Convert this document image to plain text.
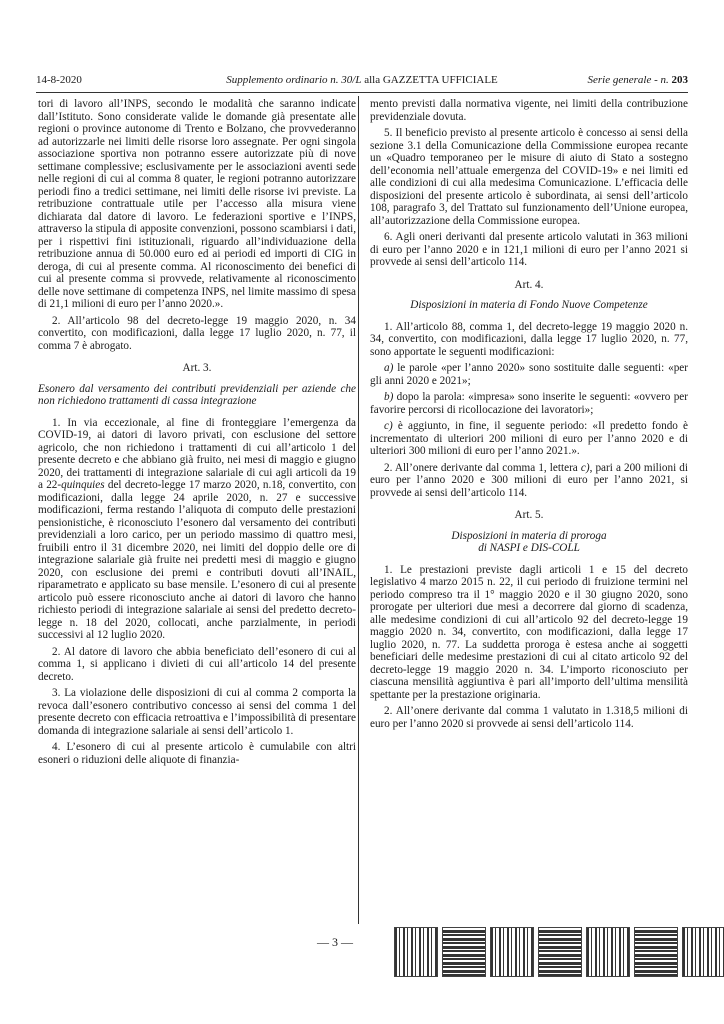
14-8-2020	Supplemento ordinario n. 30/L alla GAZZETTA UFFICIALE	Serie generale - n. 203

tori di lavoro all’INPS, secondo le modalità che saranno indicate dall’Istituto. Sono considerate valide le domande già presentate alle regioni o province autonome di Trento e Bolzano, che provvederanno ad autorizzarle nei limiti delle risorse loro assegnate. Per ogni singola associazione sportiva non potranno essere autorizzate più di nove settimane complessive; esclusivamente per le associazioni aventi sede nelle regioni di cui al comma 8 quater, le regioni potranno autorizzare periodi fino a tredici settimane, nei limiti delle risorse ivi previste. La retribuzione contrattuale utile per l’accesso alla misura viene dichiarata dal datore di lavoro. Le federazioni sportive e l’INPS, attraverso la stipula di apposite convenzioni, possono scambiarsi i dati, per i rispettivi fini istituzionali, riguardo all’individuazione della retribuzione annua di 50.000 euro ed ai periodi ed importi di CIG in deroga, di cui al presente comma. Al riconoscimento dei benefici di cui al presente comma si provvede, relativamente al riconoscimento delle nove settimane di competenza INPS, nel limite massimo di spesa di 21,1 milioni di euro per l’anno 2020.».

2. All’articolo 98 del decreto-legge 19 maggio 2020, n. 34 convertito, con modificazioni, dalla legge 17 luglio 2020, n. 77, il comma 7 è abrogato.

Art. 3.
Esonero dal versamento dei contributi previdenziali per aziende che non richiedono trattamenti di cassa integrazione

1. In via eccezionale, al fine di fronteggiare l’emergenza da COVID-19, ai datori di lavoro privati, con esclusione del settore agricolo, che non richiedono i trattamenti di cui all’articolo 1 del presente decreto e che abbiano già fruito, nei mesi di maggio e giugno 2020, dei trattamenti di integrazione salariale di cui agli articoli da 19 a 22-quinquies del decreto-legge 17 marzo 2020, n.18, convertito, con modificazioni, dalla legge 24 aprile 2020, n. 27 e successive modificazioni, ferma restando l’aliquota di computo delle prestazioni pensionistiche, è riconosciuto l’esonero dal versamento dei contributi previdenziali a loro carico, per un periodo massimo di quattro mesi, fruibili entro il 31 dicembre 2020, nei limiti del doppio delle ore di integrazione salariale già fruite nei predetti mesi di maggio e giugno 2020, con esclusione dei premi e contributi dovuti all’INAIL, riparametrato e applicato su base mensile. L’esonero di cui al presente articolo può essere riconosciuto anche ai datori di lavoro che hanno richiesto periodi di integrazione salariale ai sensi del predetto decreto-legge n. 18 del 2020, collocati, anche parzialmente, in periodi successivi al 12 luglio 2020.

2. Al datore di lavoro che abbia beneficiato dell’esonero di cui al comma 1, si applicano i divieti di cui all’articolo 14 del presente decreto.

3. La violazione delle disposizioni di cui al comma 2 comporta la revoca dall’esonero contributivo concesso ai sensi del comma 1 del presente decreto con efficacia retroattiva e l’impossibilità di presentare domanda di integrazione salariale ai sensi dell’articolo 1.

4. L’esonero di cui al presente articolo è cumulabile con altri esoneri o riduzioni delle aliquote di finanzia-

mento previsti dalla normativa vigente, nei limiti della contribuzione previdenziale dovuta.

5. Il beneficio previsto al presente articolo è concesso ai sensi della sezione 3.1 della Comunicazione della Commissione europea recante un «Quadro temporaneo per le misure di aiuto di Stato a sostegno dell’economia nell’attuale emergenza del COVID-19» e nei limiti ed alle condizioni di cui alla medesima Comunicazione. L’efficacia delle disposizioni del presente articolo è subordinata, ai sensi dell’articolo 108, paragrafo 3, del Trattato sul funzionamento dell’Unione europea, all’autorizzazione della Commissione europea.

6. Agli oneri derivanti dal presente articolo valutati in 363 milioni di euro per l’anno 2020 e in 121,1 milioni di euro per l’anno 2021 si provvede ai sensi dell’articolo 114.

Art. 4.
Disposizioni in materia di Fondo Nuove Competenze

1. All’articolo 88, comma 1, del decreto-legge 19 maggio 2020 n. 34, convertito, con modificazioni, dalla legge 17 luglio 2020, n. 77, sono apportate le seguenti modificazioni:

a) le parole «per l’anno 2020» sono sostituite dalle seguenti: «per gli anni 2020 e 2021»;

b) dopo la parola: «impresa» sono inserite le seguenti: «ovvero per favorire percorsi di ricollocazione dei lavoratori»;

c) è aggiunto, in fine, il seguente periodo: «Il predetto fondo è incrementato di ulteriori 200 milioni di euro per l’anno 2020 e di ulteriori 300 milioni di euro per l’anno 2021.».

2. All’onere derivante dal comma 1, lettera c), pari a 200 milioni di euro per l’anno 2020 e 300 milioni di euro per l’anno 2021, si provvede ai sensi dell’articolo 114.

Art. 5.
Disposizioni in materia di proroga
di NASPI e DIS-COLL

1. Le prestazioni previste dagli articoli 1 e 15 del decreto legislativo 4 marzo 2015 n. 22, il cui periodo di fruizione termini nel periodo compreso tra il 1° maggio 2020 e il 30 giugno 2020, sono prorogate per ulteriori due mesi a decorrere dal giorno di scadenza, alle medesime condizioni di cui all’articolo 92 del decreto-legge 19 maggio 2020 n. 34, convertito, con modificazioni, dalla legge 17 luglio 2020, n. 77. La suddetta proroga è estesa anche ai soggetti beneficiari delle medesime prestazioni di cui al citato articolo 92 del decreto-legge 19 maggio 2020 n. 34. L’importo riconosciuto per ciascuna mensilità aggiuntiva è pari all’importo dell’ultima mensilità spettante per la prestazione originaria.

2. All’onere derivante dal comma 1 valutato in 1.318,5 milioni di euro per l’anno 2020 si provvede ai sensi dell’articolo 114.

— 3 —
